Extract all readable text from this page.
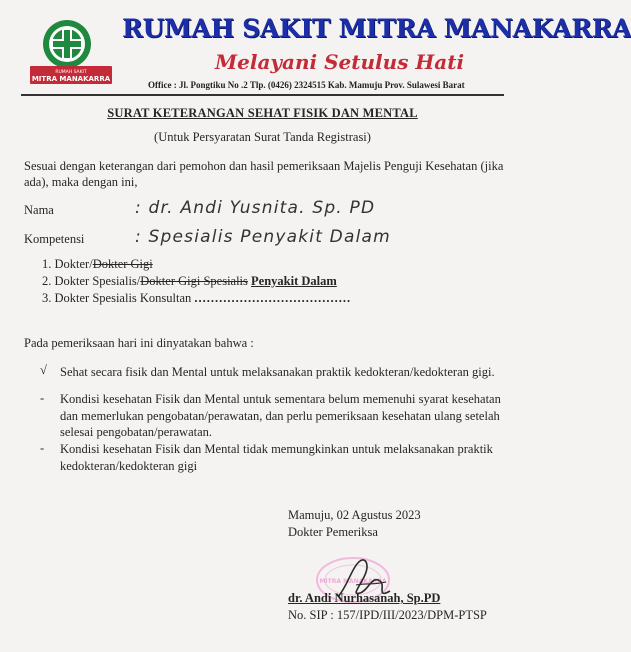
RUMAH SAKIT
MITRA MANAKARRA
RUMAH SAKIT MITRA MANAKARRA
Melayani Setulus Hati
Office : Jl. Pongtiku No .2 Tlp. (0426) 2324515 Kab. Mamuju Prov. Sulawesi Barat
SURAT KETERANGAN SEHAT FISIK DAN MENTAL
(Untuk Persyaratan Surat Tanda Registrasi)
Sesuai dengan keterangan dari pemohon dan hasil pemeriksaan Majelis Penguji Kesehatan (jika ada), maka dengan ini,
Nama	: dr. Andi Yusnita. Sp. PD
Kompetensi	: Spesialis Penyakit Dalam
1. Dokter/Dokter Gigi
2. Dokter Spesialis/Dokter Gigi Spesialis Penyakit Dalam
3. Dokter Spesialis Konsultan ......................................
Pada pemeriksaan hari ini dinyatakan bahwa :
√ Sehat secara fisik dan Mental untuk melaksanakan praktik kedokteran/kedokteran gigi.
- Kondisi kesehatan Fisik dan Mental untuk sementara belum memenuhi syarat kesehatan dan memerlukan pengobatan/perawatan, dan perlu pemeriksaan kesehatan ulang setelah selesai pengobatan/perawatan.
- Kondisi kesehatan Fisik dan Mental tidak memungkinkan untuk melaksanakan praktik kedokteran/kedokteran gigi
Mamuju, 02 Agustus 2023
Dokter Pemeriksa
MITRA MANAKARRA
dr. Andi Nurhasanah, Sp.PD
No. SIP : 157/IPD/III/2023/DPM-PTSP
